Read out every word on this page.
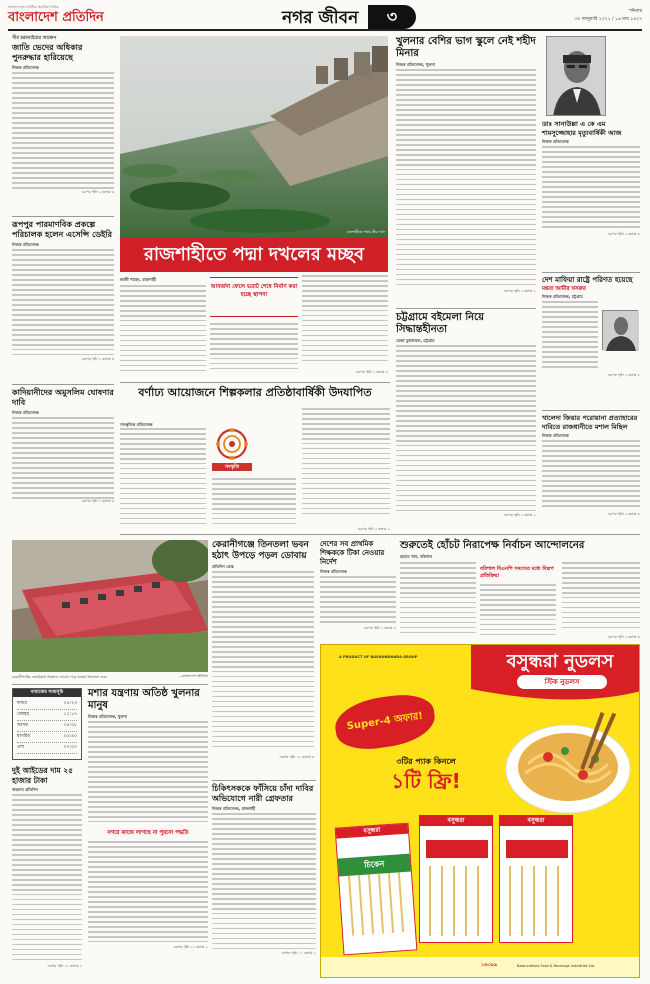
বাংলাদেশের সর্বাধিক প্রচারিত দৈনিক
বাংলাদেশ প্রতিদিন	নগর জীবন	৩	শনিবার
৩০ জানুয়ারি ২০২১ / ১৬ মাঘ ১৪২৭
পীর চরমনাইয়ের আক্ষেপ
জাতি ভেদের অধিকার পুনরুদ্ধার হারিয়েছে
নিজস্ব প্রতিবেদক
এরপর পৃষ্ঠা ২ কলাম ৩
রূপপুর পারমাণবিক প্রকল্পে পরিচালক হলেন এসেন্সি ডেইরি
নিজস্ব প্রতিবেদক
এরপর পৃষ্ঠা ২ কলাম ৩
কাদিয়ানীদের অমুসলিম ঘোষণার দাবি
নিজস্ব প্রতিবেদক
এরপর পৃষ্ঠা ২ কলাম ৩
রাজশাহীতে পদ্মার তীর দখল
রাজশাহীতে পদ্মা দখলের মচ্ছব
কাজী শাহেদ, রাজশাহী
আবর্জনা ফেলে ভরাট শেষে নির্মাণ করা হচ্ছে স্থাপনা
এরপর পৃষ্ঠা ২ কলাম ৪
খুলনার বেশির ভাগ স্কুলে নেই শহীদ মিনার
নিজস্ব প্রতিবেদক, খুলনা
এরপর পৃষ্ঠা ২ কলাম ১
চট্টগ্রামে বইমেলা নিয়ে সিদ্ধান্তহীনতা
রেজা মুজাম্মেল, চট্টগ্রাম
এরপর পৃষ্ঠা ২ কলাম ২
ডাঃ সানাউল্লা এ কে এম শামসুজ্জোহার মৃত্যুবার্ষিকী আজ
নিজস্ব প্রতিবেদক
এরপর পৃষ্ঠা ২ কলাম ৬
দেশ মাফিয়া রাষ্ট্রে পরিণত হয়েছে
মন্তব্য আমীর খসরুর
নিজস্ব প্রতিবেদক, চট্টগ্রাম
এরপর পৃষ্ঠা ২ কলাম ৫
খালেদা জিয়ার পরোয়ানা প্রত্যাহারের দাবিতে রাজধানীতে মশাল মিছিল
নিজস্ব প্রতিবেদক
এরপর পৃষ্ঠা ২ কলাম ৬
বর্ণাঢ্য আয়োজনে শিল্পকলার প্রতিষ্ঠাবার্ষিকী উদযাপিত
সাংস্কৃতিক প্রতিবেদক
সংস্কৃতি
এরপর পৃষ্ঠা ২ কলাম ২
কেরানীগঞ্জের তেঘরিয়ায় গতকাল ডোবায় পড়ে যাওয়া তিনতলা ভবন	—বাংলাদেশ প্রতিদিন
কেরানীগঞ্জে তিনতলা ভবন হঠাৎ উপড়ে পড়ল ডোবায়
প্রতিদিন ডেস্ক
এরপর পৃষ্ঠা ১১ কলাম ৩
দেশের সব প্রাথমিক শিক্ষককে টিকা নেওয়ার নির্দেশ
নিজস্ব প্রতিবেদক
এরপর পৃষ্ঠা ২ কলাম ৪
শুরুতেই হোঁচট নিরাপেক্ষ নির্বাচন আন্দোলনের
রাহাত খান, বরিশাল
বরিশাল বিএনপি সদস্যের মধ্যে বিরূপ প্রতিক্রিয়া
এরপর পৃষ্ঠা ২ কলাম ৪
A PRODUCT OF BASHUNDHARA GROUP	বসুন্ধরা নুডলস
স্টিক নুডলস
Super-4 অফার!
৩টির প্যাক কিনলে
১টি ফ্রি!
বসুন্ধরা
চিকেন
বসুন্ধরা	বসুন্ধরা
১৬৩৯৯	Bashundhara Food & Beverage Industries Ltd.
নামাজের সময়সূচি
ফজর	০৫:২৩
জোহর	১২:১৭
আসর	০৪:০৮
মাগরিব	০৫:৪০
এশা	০৭:০০
মশার যন্ত্রণায় অতিষ্ঠ খুলনার মানুষ
নিজস্ব প্রতিবেদক, খুলনা
নগরে কাজে লাগছে না পুরনো পদ্ধতি
এরপর পৃষ্ঠা ১১ কলাম ২
দুই আইডের দাম ২৫ হাজার টাকা
জয়নাব প্রতিদিন
এরপর পৃষ্ঠা ১১ কলাম ১
চিকিৎসককে ফাঁসিয়ে চাঁদা দাবির অভিযোগে নারী গ্রেফতার
নিজস্ব প্রতিবেদক, রাজশাহী
এরপর পৃষ্ঠা ১১ কলাম ২
